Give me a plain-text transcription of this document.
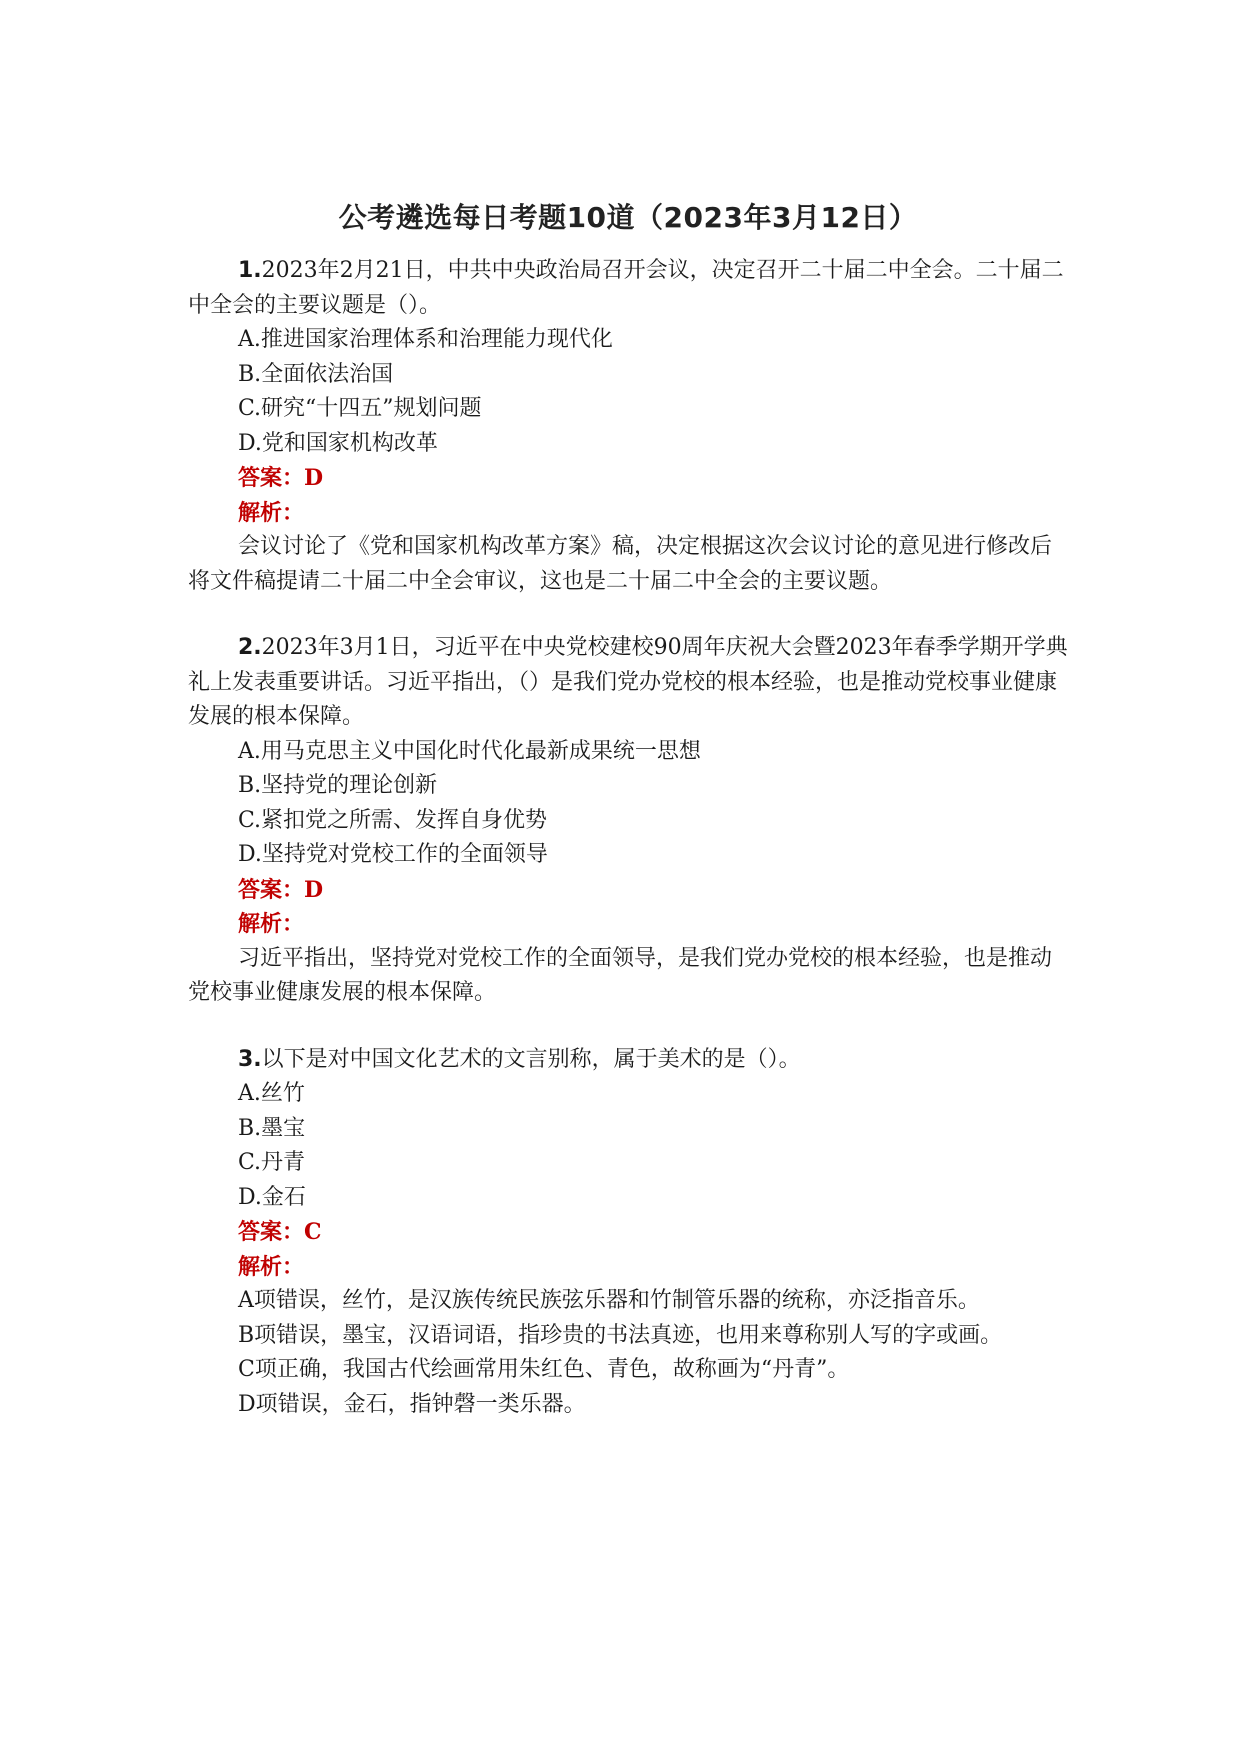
公考遴选每日考题10道（2023年3月12日）

1.2023年2月21日，中共中央政治局召开会议，决定召开二十届二中全会。二十届二中全会的主要议题是（）。

A.推进国家治理体系和治理能力现代化

B.全面依法治国

C.研究“十四五”规划问题

D.党和国家机构改革

答案：D

解析：

会议讨论了《党和国家机构改革方案》稿，决定根据这次会议讨论的意见进行修改后将文件稿提请二十届二中全会审议，这也是二十届二中全会的主要议题。

2.2023年3月1日，习近平在中央党校建校90周年庆祝大会暨2023年春季学期开学典礼上发表重要讲话。习近平指出，（）是我们党办党校的根本经验，也是推动党校事业健康发展的根本保障。

A.用马克思主义中国化时代化最新成果统一思想

B.坚持党的理论创新

C.紧扣党之所需、发挥自身优势

D.坚持党对党校工作的全面领导

答案：D

解析：

习近平指出，坚持党对党校工作的全面领导，是我们党办党校的根本经验，也是推动党校事业健康发展的根本保障。

3.以下是对中国文化艺术的文言别称，属于美术的是（）。

A.丝竹

B.墨宝

C.丹青

D.金石

答案：C

解析：

A项错误，丝竹，是汉族传统民族弦乐器和竹制管乐器的统称，亦泛指音乐。

B项错误，墨宝，汉语词语，指珍贵的书法真迹，也用来尊称别人写的字或画。

C项正确，我国古代绘画常用朱红色、青色，故称画为“丹青”。

D项错误，金石，指钟磬一类乐器。
